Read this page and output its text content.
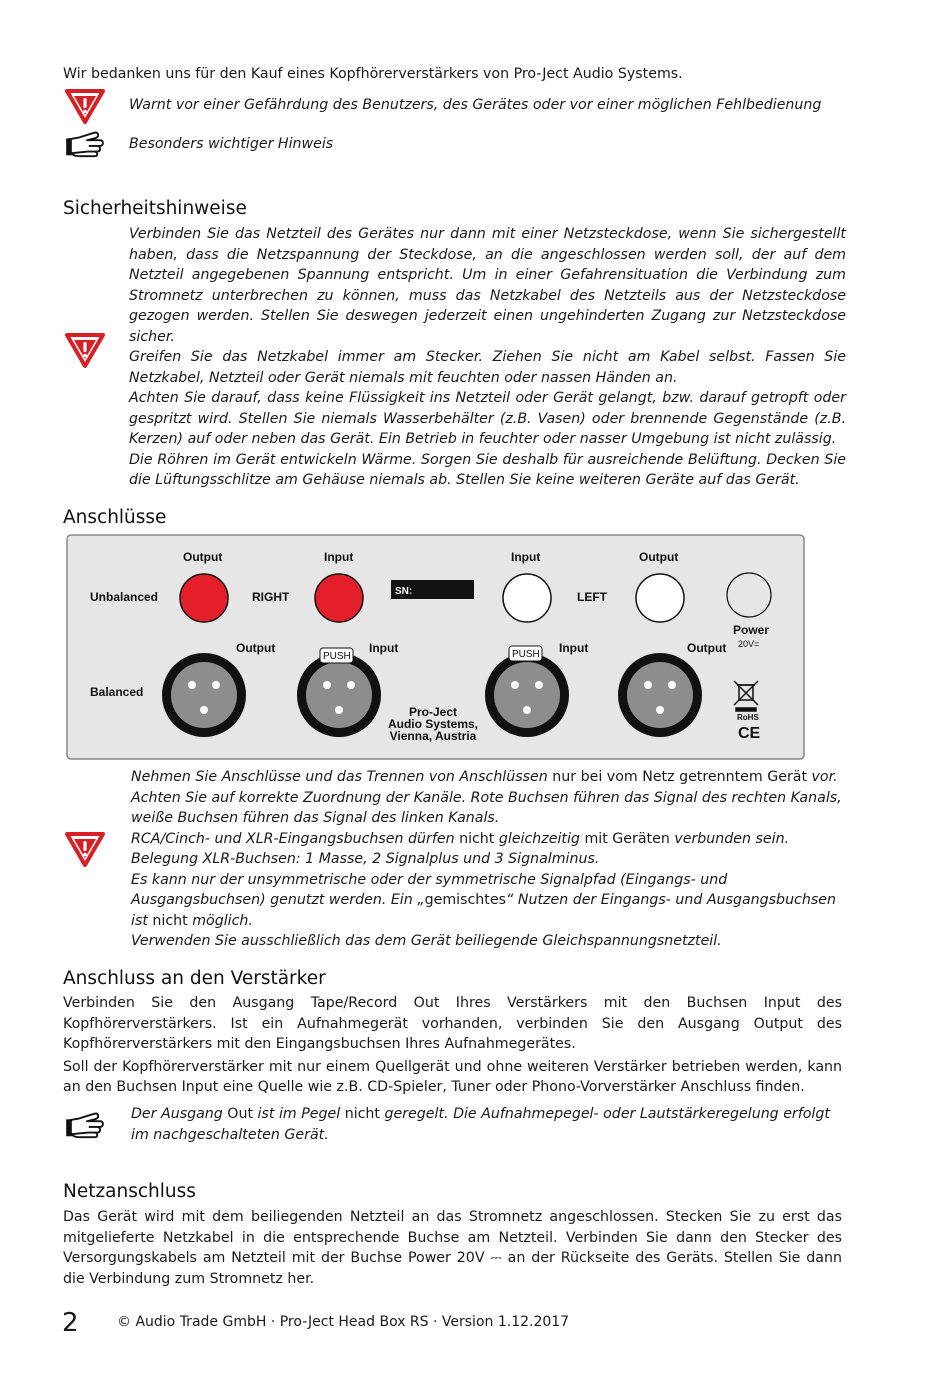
Wir bedanken uns für den Kauf eines Kopfhörerverstärkers von Pro-Ject Audio Systems.

Warnt vor einer Gefährdung des Benutzers, des Gerätes oder vor einer möglichen Fehlbedienung

Besonders wichtiger Hinweis

Sicherheitshinweise

Verbinden Sie das Netzteil des Gerätes nur dann mit einer Netzsteckdose, wenn Sie sichergestellt haben, dass die Netzspannung der Steckdose, an die angeschlossen werden soll, der auf dem Netzteil angegebenen Spannung entspricht. Um in einer Gefahrensituation die Verbindung zum Stromnetz unterbrechen zu können, muss das Netzkabel des Netzteils aus der Netzsteckdose gezogen werden. Stellen Sie deswegen jederzeit einen ungehinderten Zugang zur Netzsteckdose sicher.

Greifen Sie das Netzkabel immer am Stecker. Ziehen Sie nicht am Kabel selbst. Fassen Sie Netzkabel, Netzteil oder Gerät niemals mit feuchten oder nassen Händen an.

Achten Sie darauf, dass keine Flüssigkeit ins Netzteil oder Gerät gelangt, bzw. darauf getropft oder gespritzt wird. Stellen Sie niemals Wasserbehälter (z.B. Vasen) oder brennende Gegenstände (z.B. Kerzen) auf oder neben das Gerät. Ein Betrieb in feuchter oder nasser Umgebung ist nicht zulässig.

Die Röhren im Gerät entwickeln Wärme. Sorgen Sie deshalb für ausreichende Belüftung. Decken Sie die Lüftungsschlitze am Gehäuse niemals ab. Stellen Sie keine weiteren Geräte auf das Gerät.

Anschlüsse
Unbalanced
Balanced
Output	Input	Input	Output
RIGHT	LEFT
SN:
Power
20V=
Output	Input	Input	Output
PUSH	PUSH
Pro-Ject
Audio Systems,
Vienna, Austria
RoHS
CE

Nehmen Sie Anschlüsse und das Trennen von Anschlüssen nur bei vom Netz getrenntem Gerät vor.

Achten Sie auf korrekte Zuordnung der Kanäle. Rote Buchsen führen das Signal des rechten Kanals, weiße Buchsen führen das Signal des linken Kanals.

RCA/Cinch- und XLR-Eingangsbuchsen dürfen nicht gleichzeitig mit Geräten verbunden sein.

Belegung XLR-Buchsen: 1 Masse, 2 Signalplus und 3 Signalminus.

Es kann nur der unsymmetrische oder der symmetrische Signalpfad (Eingangs- und Ausgangsbuchsen) genutzt werden. Ein „gemischtes“ Nutzen der Eingangs- und Ausgangsbuchsen ist nicht möglich.

Verwenden Sie ausschließlich das dem Gerät beiliegende Gleichspannungsnetzteil.

Anschluss an den Verstärker

Verbinden Sie den Ausgang Tape/Record Out Ihres Verstärkers mit den Buchsen Input des Kopfhörerverstärkers. Ist ein Aufnahmegerät vorhanden, verbinden Sie den Ausgang Output des Kopfhörerverstärkers mit den Eingangsbuchsen Ihres Aufnahmegerätes.

Soll der Kopfhörerverstärker mit nur einem Quellgerät und ohne weiteren Verstärker betrieben werden, kann an den Buchsen Input eine Quelle wie z.B. CD-Spieler, Tuner oder Phono-Vorverstärker Anschluss finden.

Der Ausgang Out ist im Pegel nicht geregelt. Die Aufnahmepegel- oder Lautstärkeregelung erfolgt im nachgeschalteten Gerät.

Netzanschluss

Das Gerät wird mit dem beiliegenden Netzteil an das Stromnetz angeschlossen. Stecken Sie zu erst das mitgelieferte Netzkabel in die entsprechende Buchse am Netzteil. Verbinden Sie dann den Stecker des Versorgungskabels am Netzteil mit der Buchse Power 20V ⎓ an der Rückseite des Geräts. Stellen Sie dann die Verbindung zum Stromnetz her.

2	© Audio Trade GmbH · Pro-Ject Head Box RS · Version 1.12.2017
